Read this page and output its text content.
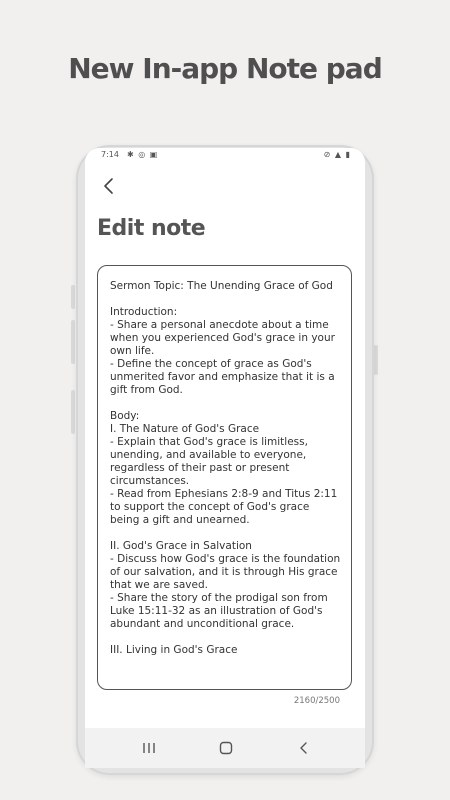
New In-app Note pad
7:14 ✱ ◎ ▣	⊘ ▲ ▮
Edit note
Sermon Topic: The Unending Grace of God

Introduction:
- Share a personal anecdote about a time when you experienced God's grace in your own life.
- Define the concept of grace as God's unmerited favor and emphasize that it is a gift from God.

Body:
I. The Nature of God's Grace
- Explain that God's grace is limitless, unending, and available to everyone, regardless of their past or present circumstances.
- Read from Ephesians 2:8-9 and Titus 2:11 to support the concept of God's grace being a gift and unearned.

II. God's Grace in Salvation
- Discuss how God's grace is the foundation of our salvation, and it is through His grace that we are saved.
- Share the story of the prodigal son from Luke 15:11-32 as an illustration of God's abundant and unconditional grace.

III. Living in God's Grace
2160/2500
